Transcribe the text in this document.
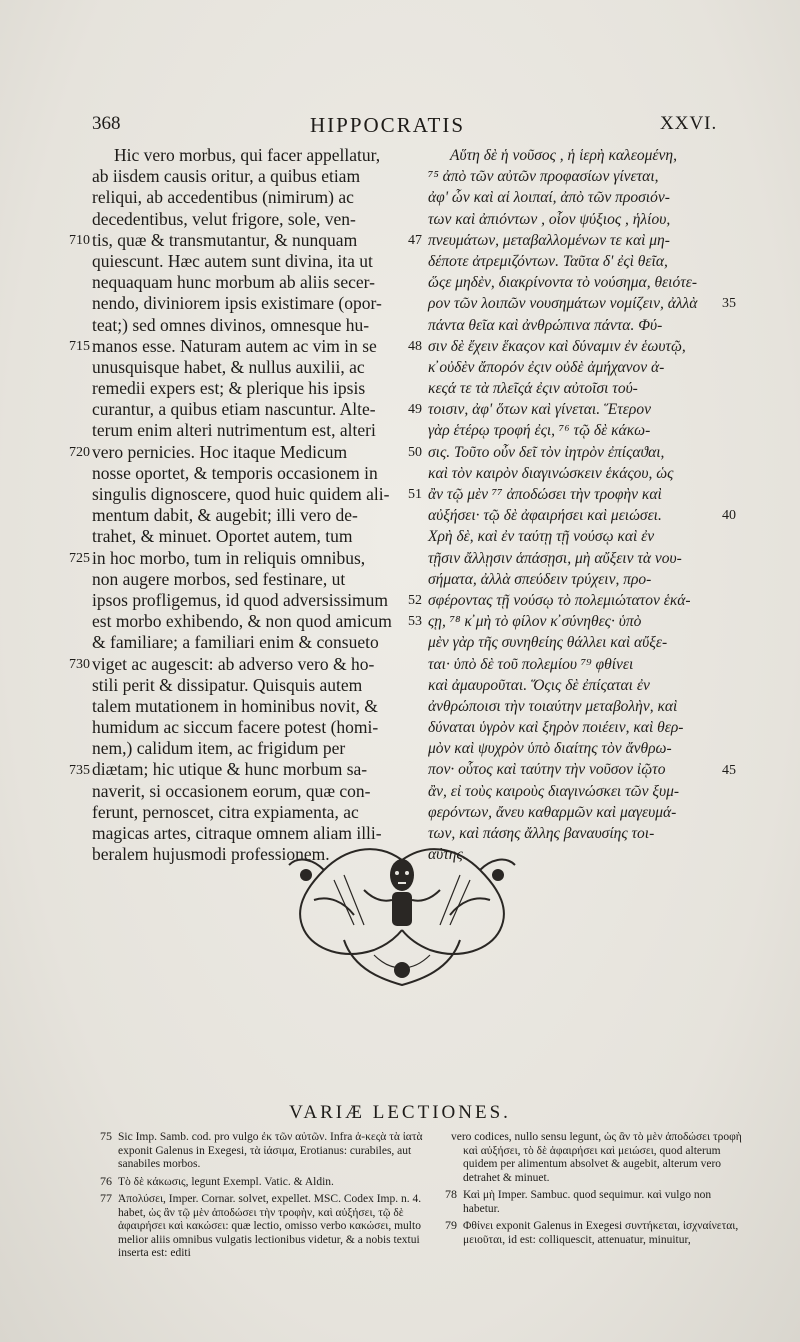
368	HIPPOCRATIS	XXVI.
Hic vero morbus, qui facer appellatur,
ab iisdem causis oritur, a quibus etiam
reliqui, ab accedentibus (nimirum) ac
decedentibus, velut frigore, sole, ven-
tis, quæ & transmutantur, & nunquam
quiescunt. Hæc autem sunt divina, ita ut
nequaquam hunc morbum ab aliis secer-
nendo, diviniorem ipsis existimare (opor-
teat;) sed omnes divinos, omnesque hu-
manos esse. Naturam autem ac vim in se
unusquisque habet, & nullus auxilii, ac
remedii expers est; & plerique his ipsis
curantur, a quibus etiam nascuntur. Alte-
terum enim alteri nutrimentum est, alteri
vero pernicies. Hoc itaque Medicum
nosse oportet, & temporis occasionem in
singulis dignoscere, quod huic quidem ali-
mentum dabit, & augebit; illi vero de-
trahet, & minuet. Oportet autem, tum
in hoc morbo, tum in reliquis omnibus,
non augere morbos, sed festinare, ut
ipsos profligemus, id quod adversissimum
est morbo exhibendo, & non quod amicum
& familiare; a familiari enim & consueto
viget ac augescit: ab adverso vero & ho-
stili perit & dissipatur. Quisquis autem
talem mutationem in hominibus novit, &
humidum ac siccum facere potest (homi-
nem,) calidum item, ac frigidum per
diætam; hic utique & hunc morbum sa-
naverit, si occasionem eorum, quæ con-
ferunt, pernoscet, citra expiamenta, ac
magicas artes, citraque omnem aliam illi-
beralem hujusmodi professionem.
Αὕτη δὲ ἡ νοῦσος , ἡ ἱερὴ καλεομένη,
⁷⁵ ἀπὸ τῶν αὐτῶν προφασίων γίνεται,
ἀφ' ὧν καὶ αἱ λοιπαί, ἀπὸ τῶν προσιόν-
των καὶ ἀπιόντων , οἷον ψύξιος , ἡλίου,
πνευμάτων, μεταβαλλομένων τε καὶ μη-
δέποτε ἀτρεμιζόντων. Ταῦτα δ' ἐςὶ θεῖα,
ὥςε μηδὲν, διακρίνοντα τὸ νούσημα, θειότε-
ρον τῶν λοιπῶν νουσημάτων νομίζειν, ἀλλὰ
πάντα θεῖα καὶ ἀνθρώπινα πάντα. Φύ-
σιν δὲ ἔχειν ἕκαςον καὶ δύναμιν ἐν ἑωυτῷ,
κ̓ οὐδὲν ἄπορόν ἐςιν οὐδὲ ἀμήχανον ἀ-
κεςά τε τὰ πλεῖςά ἐςιν αὐτοῖσι τού-
τοισιν, ἀφ' ὅτων καὶ γίνεται. Ἕτερον
γὰρ ἑτέρῳ τροφή ἐςι, ⁷⁶ τῷ δὲ κάκω-
σις. Τοῦτο οὖν δεῖ τὸν ἰητρὸν ἐπίςαϑαι,
καὶ τὸν καιρὸν διαγινώσκειν ἑκάςου, ὡς
ἂν τῷ μὲν ⁷⁷ ἀποδώσει τὴν τροφὴν καὶ
αὐξήσει· τῷ δὲ ἀφαιρήσει καὶ μειώσει.
Χρὴ δὲ, καὶ ἐν ταύτῃ τῇ νούσῳ καὶ ἐν
τῇσιν ἄλλῃσιν ἁπάσῃσι, μὴ αὔξειν τὰ νου-
σήματα, ἀλλὰ σπεύδειν τρύχειν, προ-
σφέροντας τῇ νούσῳ τὸ πολεμιώτατον ἑκά-
ςῃ, ⁷⁸ κ̓ μὴ τὸ φίλον κ̓ σύνηθες· ὑπὸ
μὲν γὰρ τῆς συνηθείης θάλλει καὶ αὔξε-
ται· ὑπὸ δὲ τοῦ πολεμίου ⁷⁹ φθίνει
καὶ ἀμαυροῦται. Ὅςις δὲ ἐπίςαται ἐν
ἀνθρώποισι τὴν τοιαύτην μεταβολὴν, καὶ
δύναται ὑγρὸν καὶ ξηρὸν ποιέειν, καὶ θερ-
μὸν καὶ ψυχρὸν ὑπὸ διαίτης τὸν ἄνθρω-
πον· οὗτος καὶ ταύτην τὴν νοῦσον ἰῷτο
ἂν, εἰ τοὺς καιροὺς διαγινώσκει τῶν ξυμ-
φερόντων, ἄνευ καθαρμῶν καὶ μαγευμά-
των, καὶ πάσης ἄλλης βαναυσίης τοι-
αύτης.
710
715
720
725
730
735
47
48
49
50
51
52
53
35
40
45
VARIÆ LECTIONES.
75 Sic Imp. Samb. cod. pro vulgo ἐκ τῶν αὐτῶν. Infra ἀ-κεςὰ τὰ ἰατὰ exponit Galenus in Exegesi, τὰ ἰάσιμα, Erotianus: curabiles, aut sanabiles morbos.
76 Τὸ δὲ κάκωσις, legunt Exempl. Vatic. & Aldin.
77 Ἀπολύσει, Imper. Cornar. solvet, expellet. MSC. Codex Imp. n. 4. habet, ὡς ἂν τῷ μὲν ἀποδώσει τὴν τροφὴν, καὶ αὐξήσει, τῷ δὲ ἀφαιρήσει καὶ κακώσει: quæ lectio, omisso verbo κακώσει, multo melior aliis omnibus vulgatis lectionibus videtur, & a nobis textui inserta est: editi
vero codices, nullo sensu legunt, ὡς ἂν τὸ μὲν ἀποδώσει τροφὴ καὶ αὐξήσει, τὸ δὲ ἀφαιρήσει καὶ μειώσει, quod alterum quidem per alimentum absolvet & augebit, alterum vero detrahet & minuet.
78 Καὶ μὴ Imper. Sambuc. quod sequimur. καὶ vulgo non habetur.
79 Φθίνει exponit Galenus in Exegesi συντήκεται, ἰσχναίνεται, μειοῦται, id est: colliquescit, attenuatur, minuitur,
